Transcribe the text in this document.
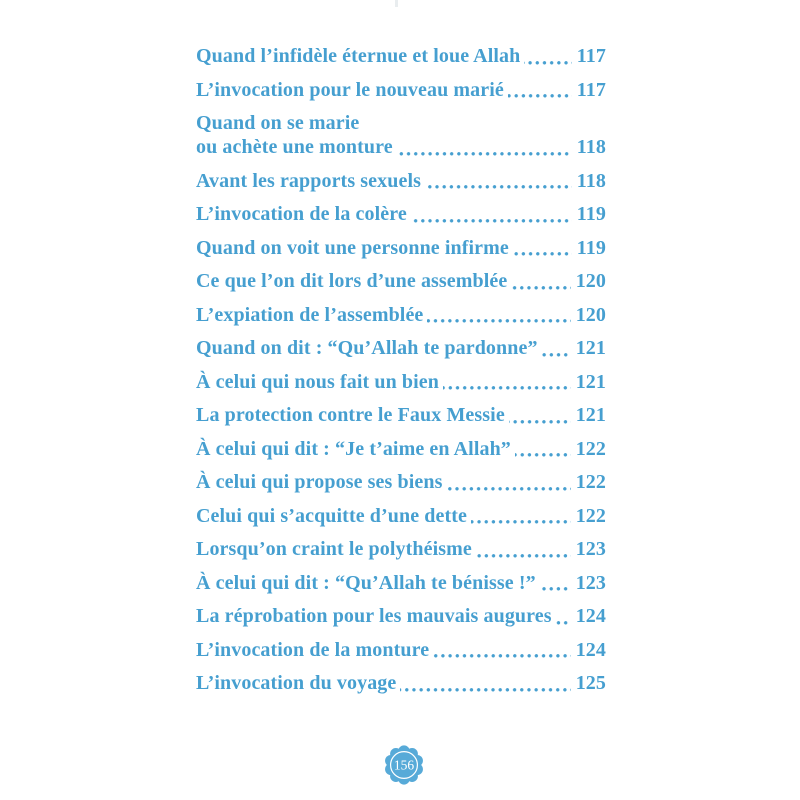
Quand l’infidèle éternue et loue Allah	117
L’invocation pour le nouveau marié	117
Quand on se marie
ou achète une monture	118
Avant les rapports sexuels	118
L’invocation de la colère	119
Quand on voit une personne infirme	119
Ce que l’on dit lors d’une assemblée	120
L’expiation de l’assemblée	120
Quand on dit : “Qu’Allah te pardonne” 121
À celui qui nous fait un bien	121
La protection contre le Faux Messie	121
À celui qui dit : “Je t’aime en Allah”	122
À celui qui propose ses biens	122
Celui qui s’acquitte d’une dette	122
Lorsqu’on craint le polythéisme	123
À celui qui dit : “Qu’Allah te bénisse !” 123
La réprobation pour les mauvais augures 124
L’invocation de la monture	124
L’invocation du voyage	125
156
